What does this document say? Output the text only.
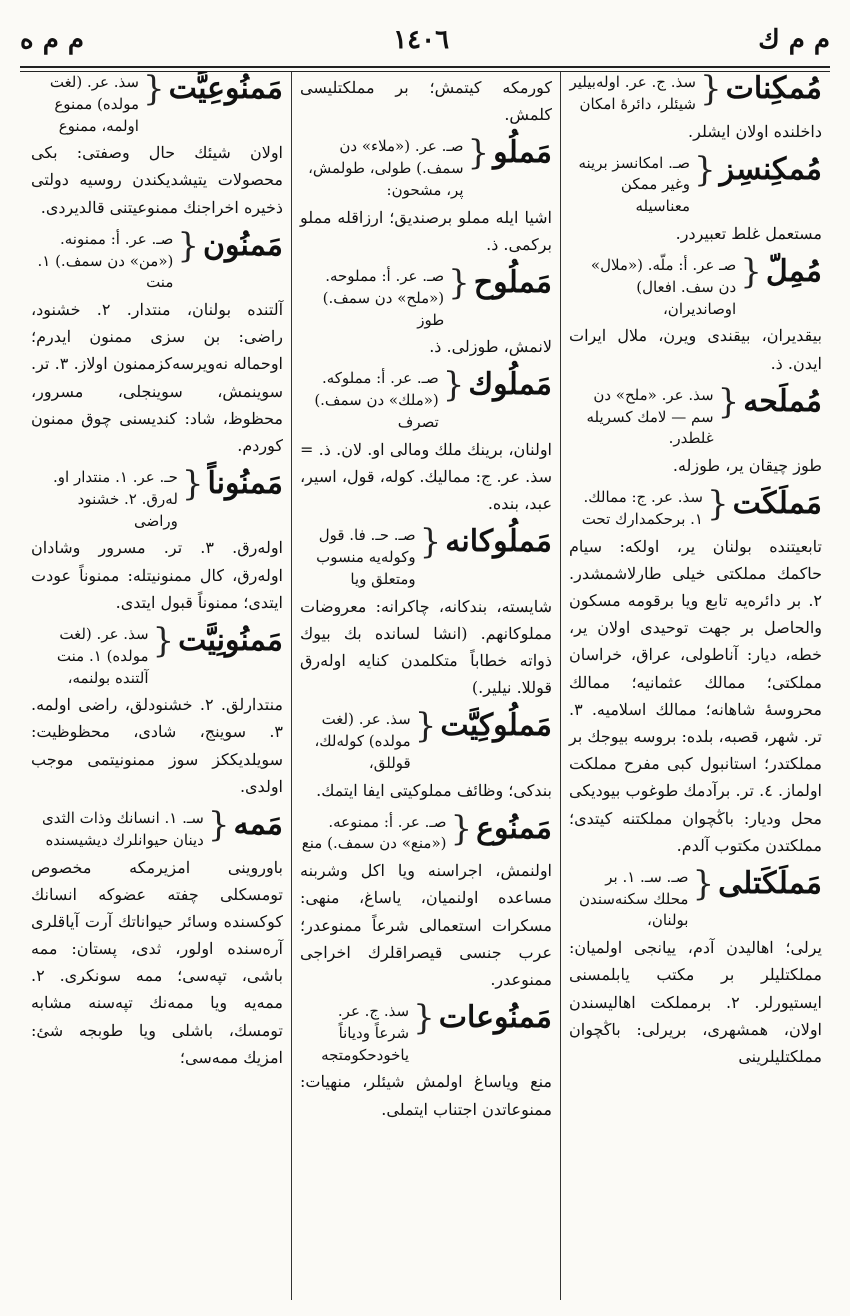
م م ك
١٤٠٦
م م ه
مُمكِنات
{
سذ. ج. عر. اوله‌بيلير شيئلر، دائرهٔ امكان
داخلنده اولان ايشلر.
مُمكِنسِز
{
صـ. امكانسز برينه وغير ممكن معناسيله
مستعمل غلط تعبيردر.
مُمِلّ
{
صـ عر. أ: ملّه. («ملال» دن سف. افعال) اوصانديران،
بيقديران، بيقندى ويرن، ملال ايرات ايدن. ذ.
مُملَحه
{
سذ. عر. «ملح» دن سم — لامك كسريله غلطدر.
طوز چيقان ير، طوزله.
مَملَكَت
{
سذ. عر. ج: ممالك. ١. برحكمدارك تحت
تابعيتنده بولنان ير، اولكه: سيام حاكمك مملكتى خيلى طارلاشمشدر. ٢. بر دائره‌يه تابع ويا برقومه مسكون والحاصل بر جهت توحيدى اولان ير، خطه، ديار: آناطولى، عراق، خراسان مملكتى؛ ممالك عثمانيه؛ ممالك محروسهٔ شاهانه؛ ممالك اسلاميه. ٣. تر. شهر، قصبه، بلده: بروسه بيوجك بر مملكتدر؛ استانبول كبى مفرح مملكت اولماز. ٤. تر. برآدمك طوغوب بيوديكى محل وديار: باڭچوان مملكتنه كيتدى؛ مملكتدن مكتوب آلدم.
مَملَكَتلى
{
صـ. سـ. ١. بر محلك سكنه‌سندن بولنان،
يرلى؛ اهاليدن آدم، ييانجى اولميان: مملكتليلر بر مكتب يابلمسنى ايستيورلر. ٢. برمملكت اهاليسندن اولان، همشهرى، بريرلى: باڭچوان مملكتليلرينى
كورمكه كيتمش؛ بر مملكتليسى كلمش.
مَملُو
{
صـ. عر. («ملاء» دن سمف.) طولى، طولمش، پر، مشحون:
اشيا ايله مملو برصنديق؛ ارزاقله مملو بركمى. ذ.
مَملُوح
{
صـ. عر. أ: مملوحه. («ملح» دن سمف.) طوز
لانمش، طوزلى. ذ.
مَملُوك
{
صـ. عر. أ: مملوكه. («ملك» دن سمف.) تصرف
اولنان، برينك ملك ومالى او. لان. ذ. = سذ. عر. ج: مماليك. كوله، قول، اسير، عبد، بنده.
مَملُوكانه
{
صـ. حـ. فا. قول وكوله‌يه منسوب ومتعلق ويا
شايسته، بندكانه، چاكرانه: معروضات مملوكانهم. (انشا لسانده بك بيوك ذواته خطاباً متكلمدن كنايه اوله‌رق قوللا. نيلير.)
مَملُوكِيَّت
{
سذ. عر. (لغت مولده) كوله‌لك، قوللق،
بندكى؛ وظائف مملوكيتى ايفا ايتمك.
مَمنُوع
{
صـ. عر. أ: ممنوعه. («منع» دن سمف.) منع
اولنمش، اجراسنه ويا اكل وشربنه مساعده اولنميان، ياساغ، منهى: مسكرات استعمالى شرعاً ممنوعدر؛ عرب جنسى قيصراقلرك اخراجى ممنوعدر.
مَمنُوعات
{
سذ. ج. عر. شرعاً ودياناً ياخودحكومتجه
منع وياساغ اولمش شيئلر، منهيات: ممنوعاتدن اجتناب ايتملى.
مَمنُوعِيَّت
{
سذ. عر. (لغت مولده) ممنوع اولمه، ممنوع
اولان شيئك حال وصفتى: بكى محصولات يتيشديكندن روسيه دولتى ذخيره اخراجنك ممنوعيتنى قالديردى.
مَمنُون
{
صـ. عر. أ: ممنونه. («من» دن سمف.) ١. منت
آلتنده بولنان، منتدار. ٢. خشنود، راضى: بن سزى ممنون ايدرم؛ اوحماله نه‌ويرسه‌كزممنون اولاز. ٣. تر. سوينمش، سوينجلى، مسرور، محظوظ، شاد: كنديسنى چوق ممنون كوردم.
مَمنُوناً
{
حـ. عر. ١. منتدار او. له‌رق. ٢. خشنود وراضى
اوله‌رق. ٣. تر. مسرور وشادان اوله‌رق، كال ممنونيتله: ممنوناً عودت ايتدى؛ ممنوناً قبول ايتدى.
مَمنُونِيَّت
{
سذ. عر. (لغت مولده) ١. منت آلتنده بولنمه،
منتدارلق. ٢. خشنودلق، راضى اولمه. ٣. سوينج، شادى، محظوظيت: سويلديككز سوز ممنونيتمى موجب اولدى.
مَمه
{
سـ. ١. انسانك وذات الثدى دينان حيوانلرك ديشيسنده
باوروينى امزيرمكه مخصوص تومسكلى چفته عضوكه انسانك كوكسنده وسائر حيواناتك آرت آياقلرى آره‌سنده اولور، ثدى، پستان: ممه باشى، تپه‌سى؛ ممه سونكرى. ٢. ممه‌يه ويا ممه‌نك تپه‌سنه مشابه تومسك، باشلى ويا طوبجه شئ: امزيك ممه‌سى؛
